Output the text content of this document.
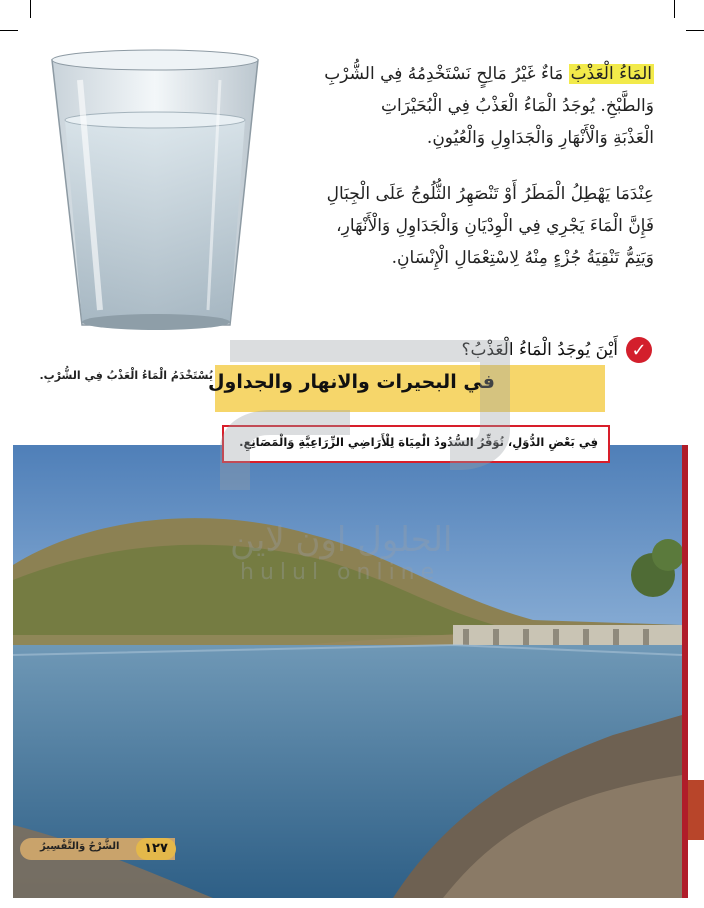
المَاءُ الْعَذْبُ مَاءٌ غَيْرُ مَالِحٍ نَسْتَخْدِمُهُ فِي الشُّرْبِ
وَالطَّبْخِ. يُوجَدُ الْمَاءُ الْعَذْبُ فِي الْبُحَيْرَاتِ
الْعَذْبَةِ وَالْأَنْهَارِ وَالْجَدَاوِلِ وَالْعُيُونِ.

عِنْدَمَا يَهْطِلُ الْمَطَرُ أَوْ تَنْصَهِرُ الثُّلُوجُ عَلَى الْجِبَالِ
فَإِنَّ الْمَاءَ يَجْرِي فِي الْوِدْيَانِ وَالْجَدَاوِلِ وَالْأَنْهَارِ،
وَيَتِمُّ تَنْقِيَةُ جُزْءٍ مِنْهُ لِاسْتِعْمَالِ الْإِنْسَانِ.

✓
أَيْنَ يُوجَدُ الْمَاءُ الْعَذْبُ؟
يُسْتَخْدَمُ الْمَاءُ الْعَذْبُ فِي الشُّرْبِ.
في البحيرات والانهار والجداول
فِي بَعْضِ الدُّوَلِ، تُوَفِّرُ السُّدُودُ الْمِيَاهَ لِلْأَرَاضِي الزِّرَاعِيَّةِ وَالْمَصَانِعِ.
الشَّرْحُ وَالتَّفْسِيرُ	١٢٧
الحلول اون لاين
hulul online
